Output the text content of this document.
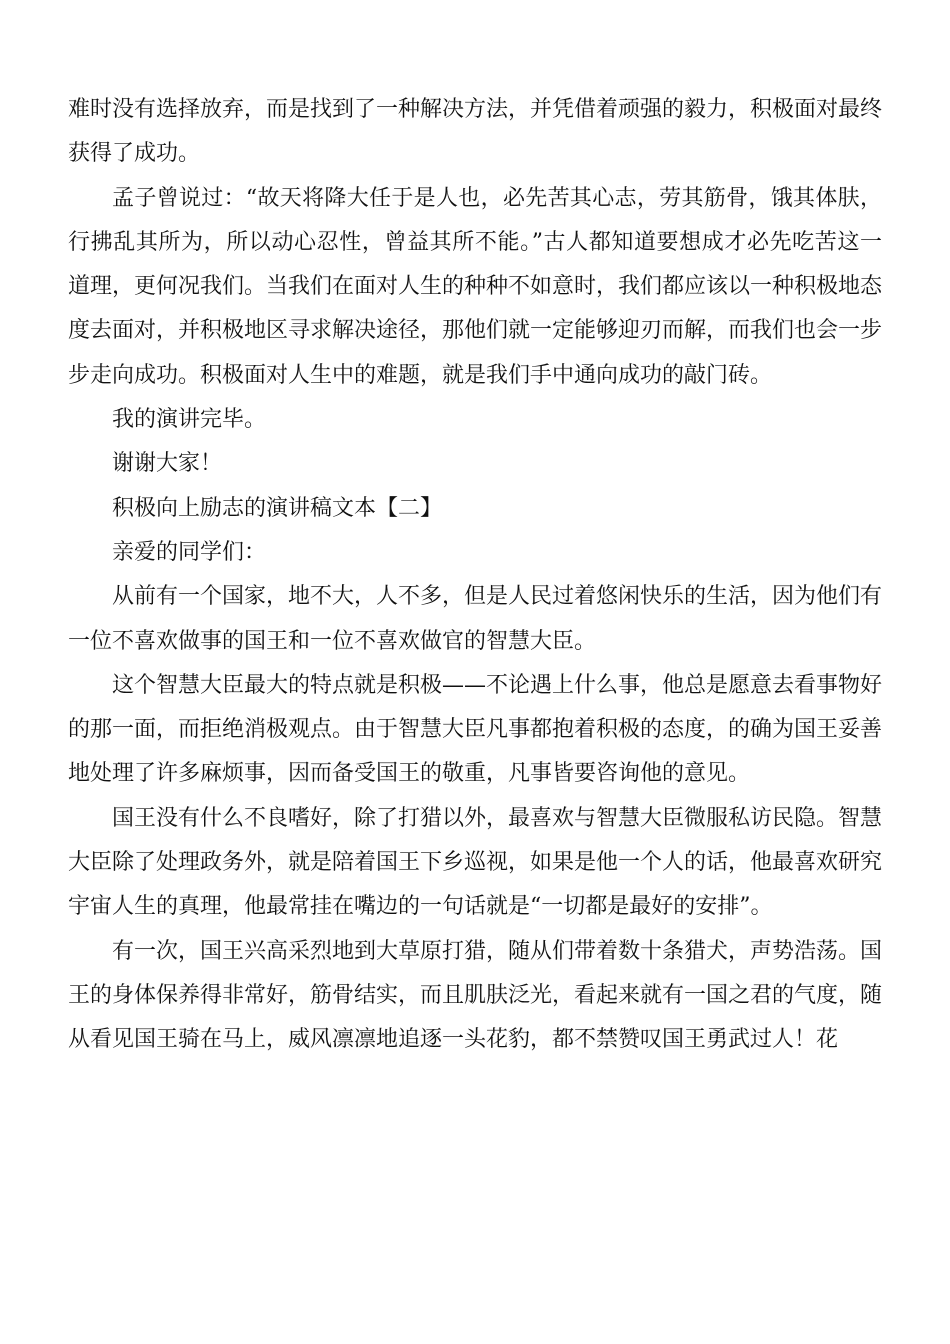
难时没有选择放弃，而是找到了一种解决方法，并凭借着顽强的毅力，积极面对最终获得了成功。

孟子曾说过：“故天将降大任于是人也，必先苦其心志，劳其筋骨，饿其体肤，行拂乱其所为，所以动心忍性，曾益其所不能。”古人都知道要想成才必先吃苦这一道理，更何况我们。当我们在面对人生的种种不如意时，我们都应该以一种积极地态度去面对，并积极地区寻求解决途径，那他们就一定能够迎刃而解，而我们也会一步步走向成功。积极面对人生中的难题，就是我们手中通向成功的敲门砖。

我的演讲完毕。

谢谢大家！

积极向上励志的演讲稿文本【二】

亲爱的同学们：

从前有一个国家，地不大，人不多，但是人民过着悠闲快乐的生活，因为他们有一位不喜欢做事的国王和一位不喜欢做官的智慧大臣。

这个智慧大臣最大的特点就是积极——不论遇上什么事，他总是愿意去看事物好的那一面，而拒绝消极观点。由于智慧大臣凡事都抱着积极的态度，的确为国王妥善地处理了许多麻烦事，因而备受国王的敬重，凡事皆要咨询他的意见。

国王没有什么不良嗜好，除了打猎以外，最喜欢与智慧大臣微服私访民隐。智慧大臣除了处理政务外，就是陪着国王下乡巡视，如果是他一个人的话，他最喜欢研究宇宙人生的真理，他最常挂在嘴边的一句话就是“一切都是最好的安排”。

有一次，国王兴高采烈地到大草原打猎，随从们带着数十条猎犬，声势浩荡。国王的身体保养得非常好，筋骨结实，而且肌肤泛光，看起来就有一国之君的气度，随从看见国王骑在马上，威风凛凛地追逐一头花豹，都不禁赞叹国王勇武过人！花
